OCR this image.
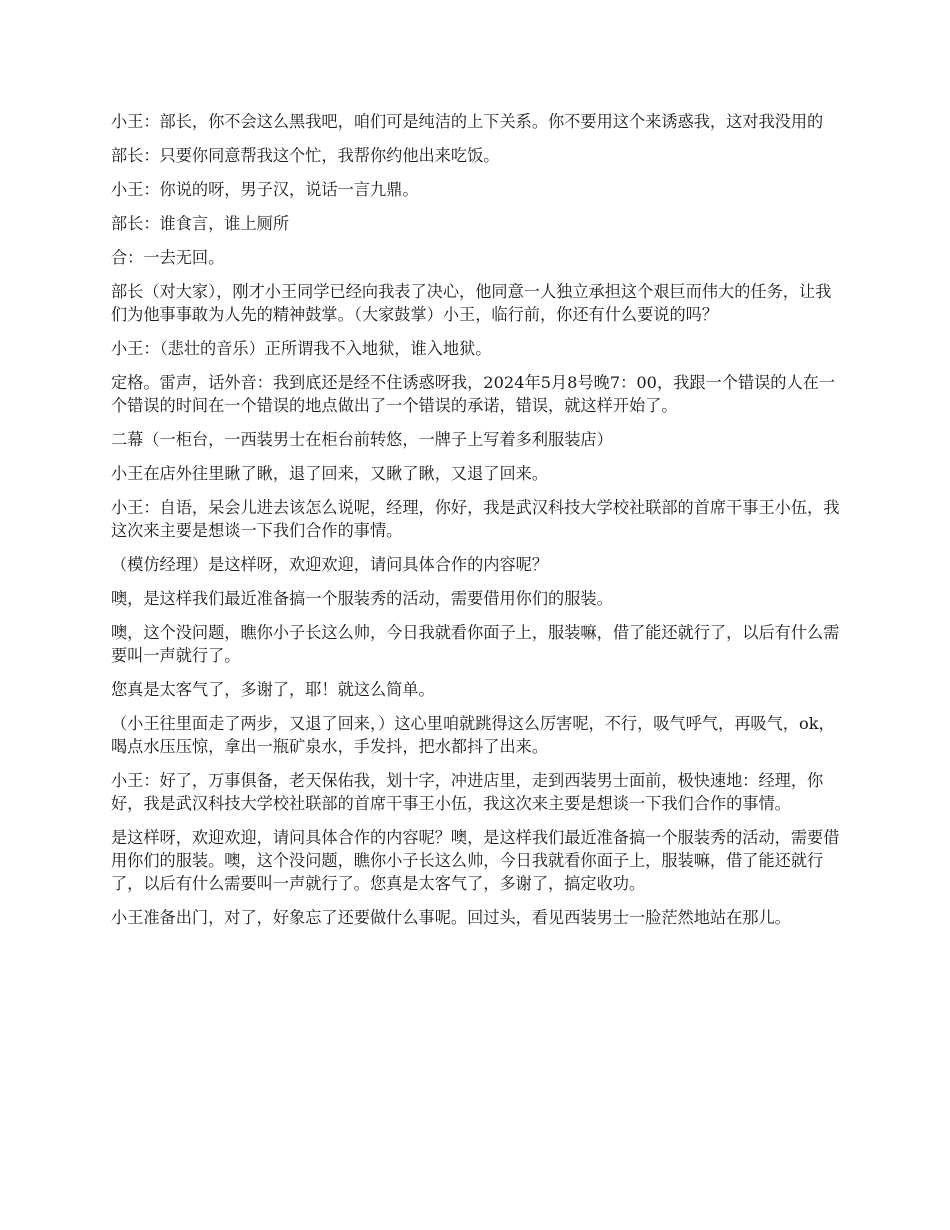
小王：部长，你不会这么黑我吧，咱们可是纯洁的上下关系。你不要用这个来诱惑我，这对我没用的

部长：只要你同意帮我这个忙，我帮你约他出来吃饭。

小王：你说的呀，男子汉，说话一言九鼎。

部长：谁食言，谁上厕所

合：一去无回。

部长（对大家），刚才小王同学已经向我表了决心，他同意一人独立承担这个艰巨而伟大的任务，让我们为他事事敢为人先的精神鼓掌。（大家鼓掌）小王，临行前，你还有什么要说的吗？

小王：（悲壮的音乐）正所谓我不入地狱，谁入地狱。

定格。雷声，话外音：我到底还是经不住诱惑呀我，2024年5月8号晚7：00，我跟一个错误的人在一个错误的时间在一个错误的地点做出了一个错误的承诺，错误，就这样开始了。

二幕（一柜台，一西装男士在柜台前转悠，一牌子上写着多利服装店）

小王在店外往里瞅了瞅，退了回来，又瞅了瞅，又退了回来。

小王：自语，呆会儿进去该怎么说呢，经理，你好，我是武汉科技大学校社联部的首席干事王小伍，我这次来主要是想谈一下我们合作的事情。

（模仿经理）是这样呀，欢迎欢迎，请问具体合作的内容呢？

噢，是这样我们最近准备搞一个服装秀的活动，需要借用你们的服装。

噢，这个没问题，瞧你小子长这么帅，今日我就看你面子上，服装嘛，借了能还就行了，以后有什么需要叫一声就行了。

您真是太客气了，多谢了，耶！就这么简单。

（小王往里面走了两步，又退了回来，）这心里咱就跳得这么厉害呢，不行，吸气呼气，再吸气，ok，喝点水压压惊，拿出一瓶矿泉水，手发抖，把水都抖了出来。

小王：好了，万事俱备，老天保佑我，划十字，冲进店里，走到西装男士面前，极快速地：经理，你好，我是武汉科技大学校社联部的首席干事王小伍，我这次来主要是想谈一下我们合作的事情。

是这样呀，欢迎欢迎，请问具体合作的内容呢？噢，是这样我们最近准备搞一个服装秀的活动，需要借用你们的服装。噢，这个没问题，瞧你小子长这么帅，今日我就看你面子上，服装嘛，借了能还就行了，以后有什么需要叫一声就行了。您真是太客气了，多谢了，搞定收功。

小王准备出门，对了，好象忘了还要做什么事呢。回过头，看见西装男士一脸茫然地站在那儿。
